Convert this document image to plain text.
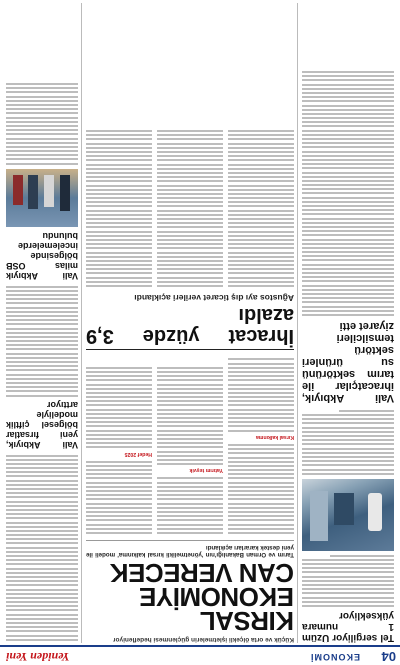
04
EKONOMİ
Yeniden Yeni
Tel sergiliyor Üzüm 1 numara yüksekliyor
Vali Akbıyık, ihracatçılar ile tarım sektörünü su ürünleri sektörü temsilcileri ziyaret etti
Küçük ve orta ölçekli işletmelerin güçlenmesi hedefleniyor
KIRSAL EKONOMİYE
CAN VERECEK
Tarım ve Orman Bakanlığı'nın 'yönetmelikli kırsal kalkınma' modeli ile yeni destek kararları açıklandı
Kırsal kalkınma
Yatırım teşvik
Hedef 2025
İhracat yüzde 3,9 azaldı
Ağustos ayı dış ticaret verileri açıklandı
Vali Akbıyık, yeni fırsatlar bölgesel çiftlik modeliyle arttıyor
Vali Akbıyık milas OSB bölgesinde incelemelerde bulundu
